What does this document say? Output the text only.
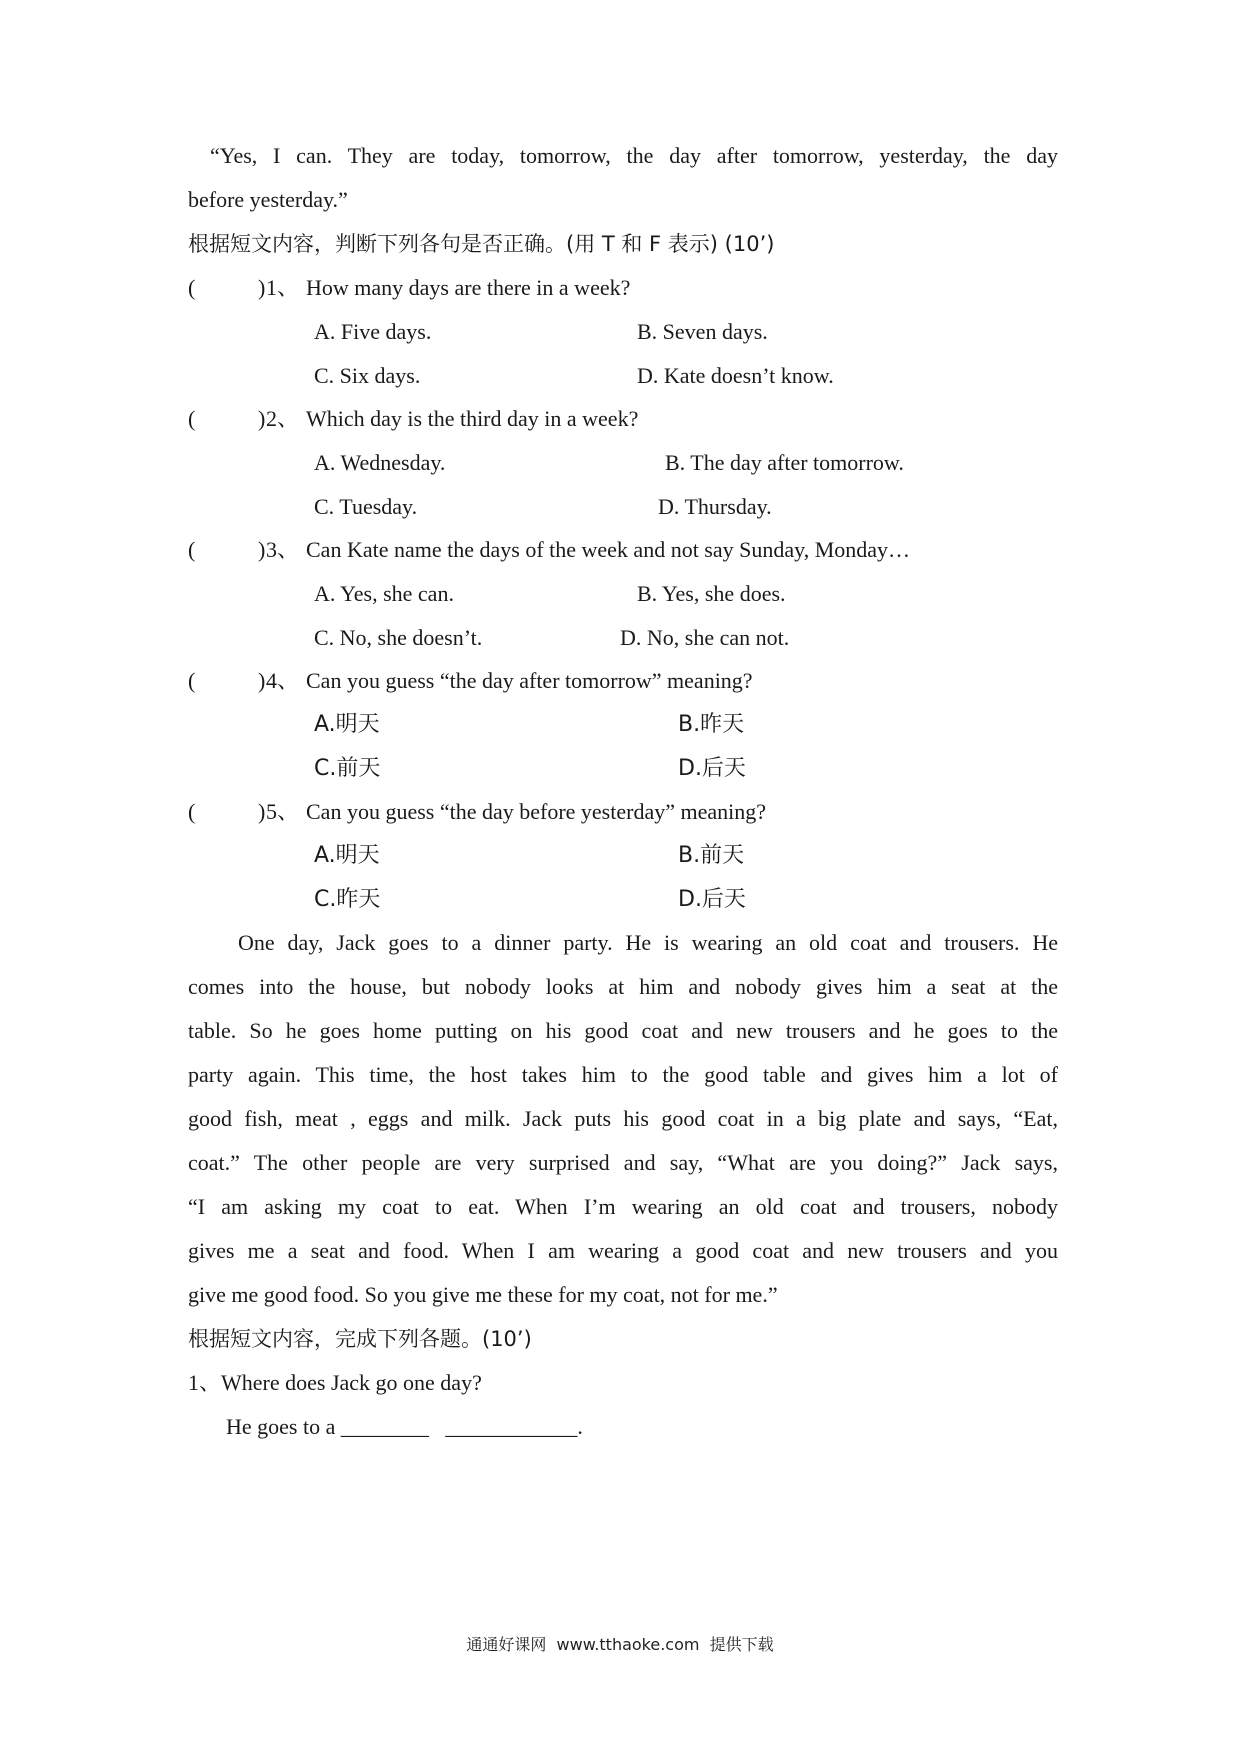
“Yes, I can. They are today, tomorrow, the day after tomorrow, yesterday, the day
before yesterday.”
根据短文内容，判断下列各句是否正确。(用 T 和 F 表示) (10’)
(	) 1、 How many days are there in a week?
A. Five days.	B. Seven days.
C. Six days.	D. Kate doesn’t know.
(	) 2、 Which day is the third day in a week?
A. Wednesday.	B. The day after tomorrow.
C. Tuesday.	D. Thursday.
(	) 3、 Can Kate name the days of the week and not say Sunday, Monday…
A. Yes, she can.	B. Yes, she does.
C. No, she doesn’t.	D. No, she can not.
(	) 4、 Can you guess “the day after tomorrow” meaning?
A.明天	B.昨天
C.前天	D.后天
(	) 5、 Can you guess “the day before yesterday” meaning?
A.明天	B.前天
C.昨天	D.后天
One day, Jack goes to a dinner party. He is wearing an old coat and trousers. He
comes into the house, but nobody looks at him and nobody gives him a seat at the
table. So he goes home putting on his good coat and new trousers and he goes to the
party again. This time, the host takes him to the good table and gives him a lot of
good fish, meat , eggs and milk. Jack puts his good coat in a big plate and says, “Eat,
coat.” The other people are very surprised and say, “What are you doing?” Jack says,
“I am asking my coat to eat. When I’m wearing an old coat and trousers, nobody
gives me a seat and food. When I am wearing a good coat and new trousers and you
give me good food. So you give me these for my coat, not for me.”
根据短文内容，完成下列各题。(10’)
1、Where does Jack go one day?
He goes to a ________   ____________.
通通好课网  www.tthaoke.com  提供下载
